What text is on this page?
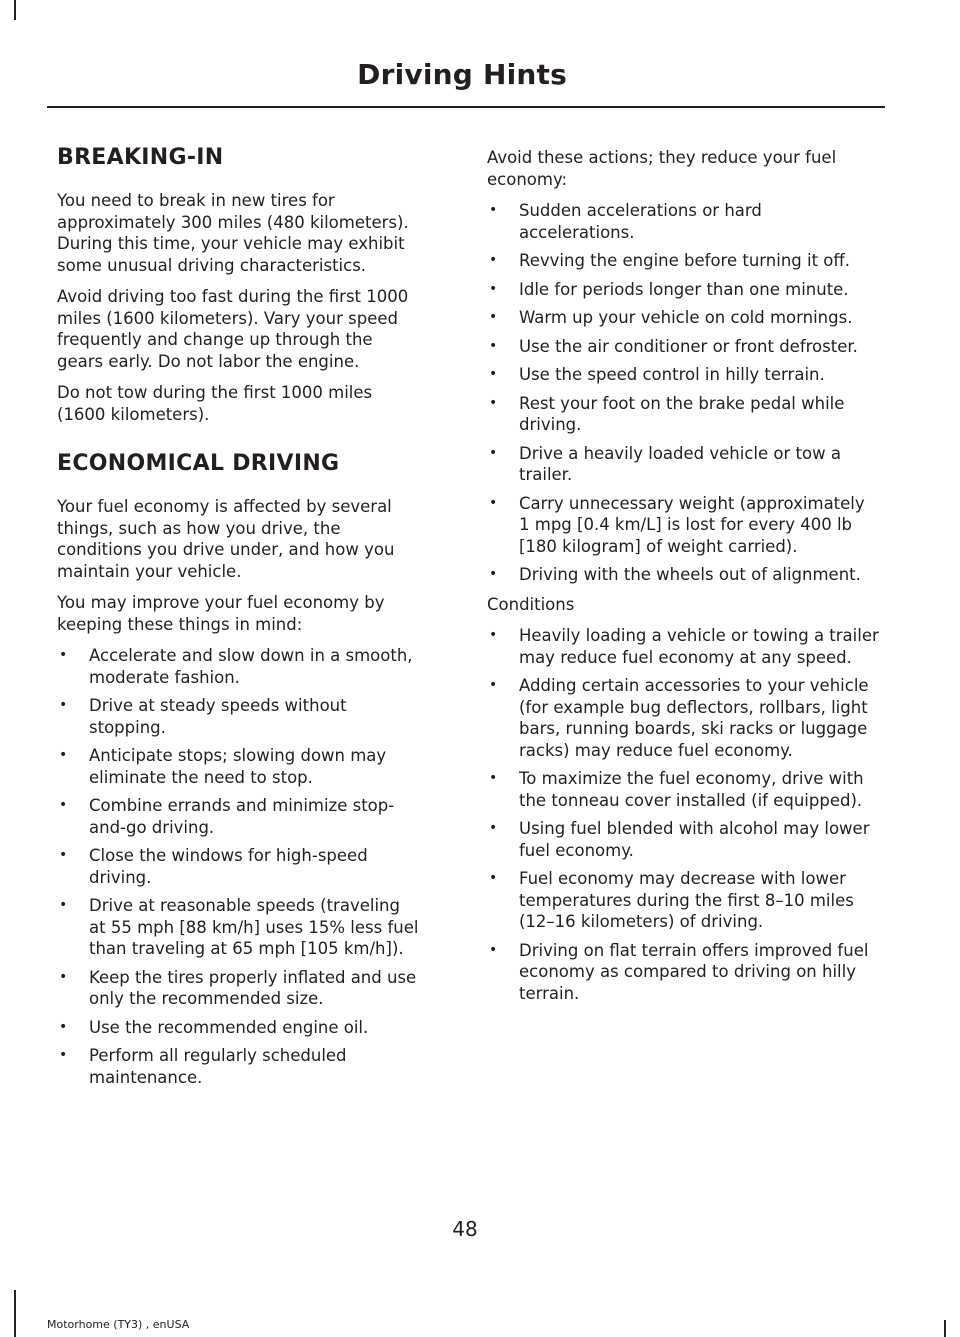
Driving Hints
BREAKING-IN

You need to break in new tires for approximately 300 miles (480 kilometers). During this time, your vehicle may exhibit some unusual driving characteristics.

Avoid driving too fast during the first 1000 miles (1600 kilometers). Vary your speed frequently and change up through the gears early. Do not labor the engine.

Do not tow during the first 1000 miles (1600 kilometers).

ECONOMICAL DRIVING

Your fuel economy is affected by several things, such as how you drive, the conditions you drive under, and how you maintain your vehicle.

You may improve your fuel economy by keeping these things in mind:

• Accelerate and slow down in a smooth, moderate fashion.
• Drive at steady speeds without stopping.
• Anticipate stops; slowing down may eliminate the need to stop.
• Combine errands and minimize stop-and-go driving.
• Close the windows for high-speed driving.
• Drive at reasonable speeds (traveling at 55 mph [88 km/h] uses 15% less fuel than traveling at 65 mph [105 km/h]).
• Keep the tires properly inflated and use only the recommended size.
• Use the recommended engine oil.
• Perform all regularly scheduled maintenance.

Avoid these actions; they reduce your fuel economy:

• Sudden accelerations or hard accelerations.
• Revving the engine before turning it off.
• Idle for periods longer than one minute.
• Warm up your vehicle on cold mornings.
• Use the air conditioner or front defroster.
• Use the speed control in hilly terrain.
• Rest your foot on the brake pedal while driving.
• Drive a heavily loaded vehicle or tow a trailer.
• Carry unnecessary weight (approximately 1 mpg [0.4 km/L] is lost for every 400 lb [180 kilogram] of weight carried).
• Driving with the wheels out of alignment.

Conditions

• Heavily loading a vehicle or towing a trailer may reduce fuel economy at any speed.
• Adding certain accessories to your vehicle (for example bug deflectors, rollbars, light bars, running boards, ski racks or luggage racks) may reduce fuel economy.
• To maximize the fuel economy, drive with the tonneau cover installed (if equipped).
• Using fuel blended with alcohol may lower fuel economy.
• Fuel economy may decrease with lower temperatures during the first 8–10 miles (12–16 kilometers) of driving.
• Driving on flat terrain offers improved fuel economy as compared to driving on hilly terrain.
48
Motorhome (TY3) , enUSA
